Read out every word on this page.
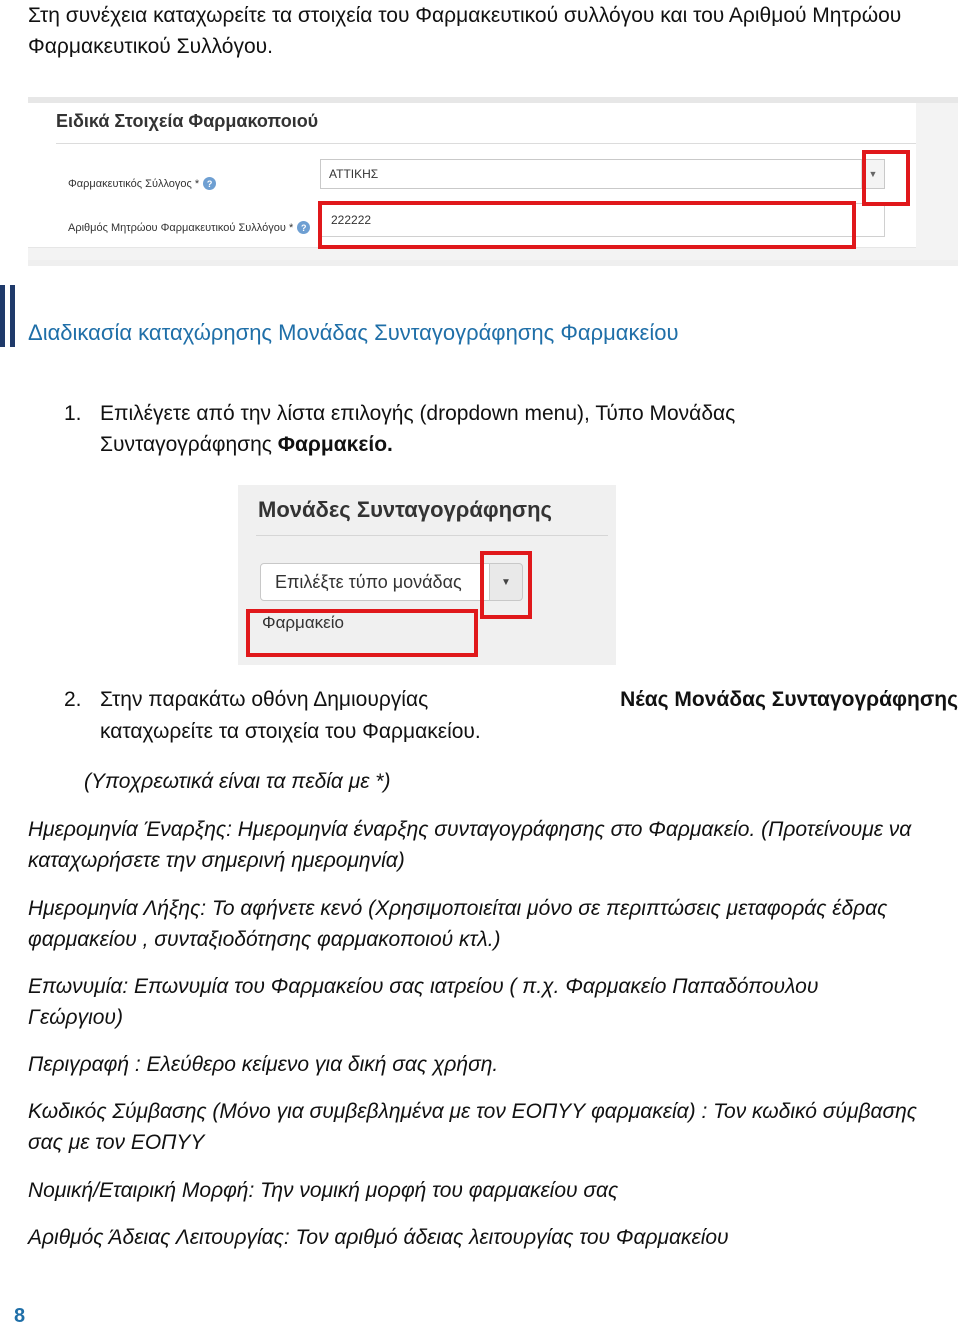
Στη συνέχεια καταχωρείτε τα στοιχεία του Φαρμακευτικού συλλόγου και του Αριθμού Μητρώου Φαρμακευτικού Συλλόγου.
Ειδικά Στοιχεία Φαρμακοποιού
Φαρμακευτικός Σύλλογος * ?
ΑΤΤΙΚΗΣ	▼
Αριθμός Μητρώου Φαρμακευτικού Συλλόγου * ?
222222
Διαδικασία καταχώρησης Μονάδας Συνταγογράφησης Φαρμακείου
1. Επιλέγετε από την λίστα επιλογής (dropdown menu), Τύπο Μονάδας Συνταγογράφησης Φαρμακείο.
Μονάδες Συνταγογράφησης
Επιλέξτε τύπο μονάδας	▼
Φαρμακείο
2. Στην παρακάτω οθόνη Δημιουργίας	Νέας Μονάδας Συνταγογράφησης
καταχωρείτε τα στοιχεία του Φαρμακείου.
(Υποχρεωτικά είναι τα πεδία με *)
Ημερομηνία Έναρξης: Ημερομηνία έναρξης συνταγογράφησης στο Φαρμακείο. (Προτείνουμε να
καταχωρήσετε την σημερινή ημερομηνία)
Ημερομηνία Λήξης: Το αφήνετε κενό (Χρησιμοποιείται μόνο σε περιπτώσεις μεταφοράς έδρας
φαρμακείου , συνταξιοδότησης φαρμακοποιού κτλ.)
Επωνυμία: Επωνυμία του Φαρμακείου σας ιατρείου ( π.χ. Φαρμακείο Παπαδόπουλου
Γεώργιου)
Περιγραφή : Ελεύθερο κείμενο για δική σας χρήση.
Κωδικός Σύμβασης (Μόνο για συμβεβλημένα με τον ΕΟΠΥΥ φαρμακεία) : Τον κωδικό σύμβασης
σας με τον ΕΟΠΥΥ
Νομική/Εταιρική Μορφή: Την νομική μορφή του φαρμακείου σας
Αριθμός Άδειας Λειτουργίας: Τον αριθμό άδειας λειτουργίας του Φαρμακείου
8
